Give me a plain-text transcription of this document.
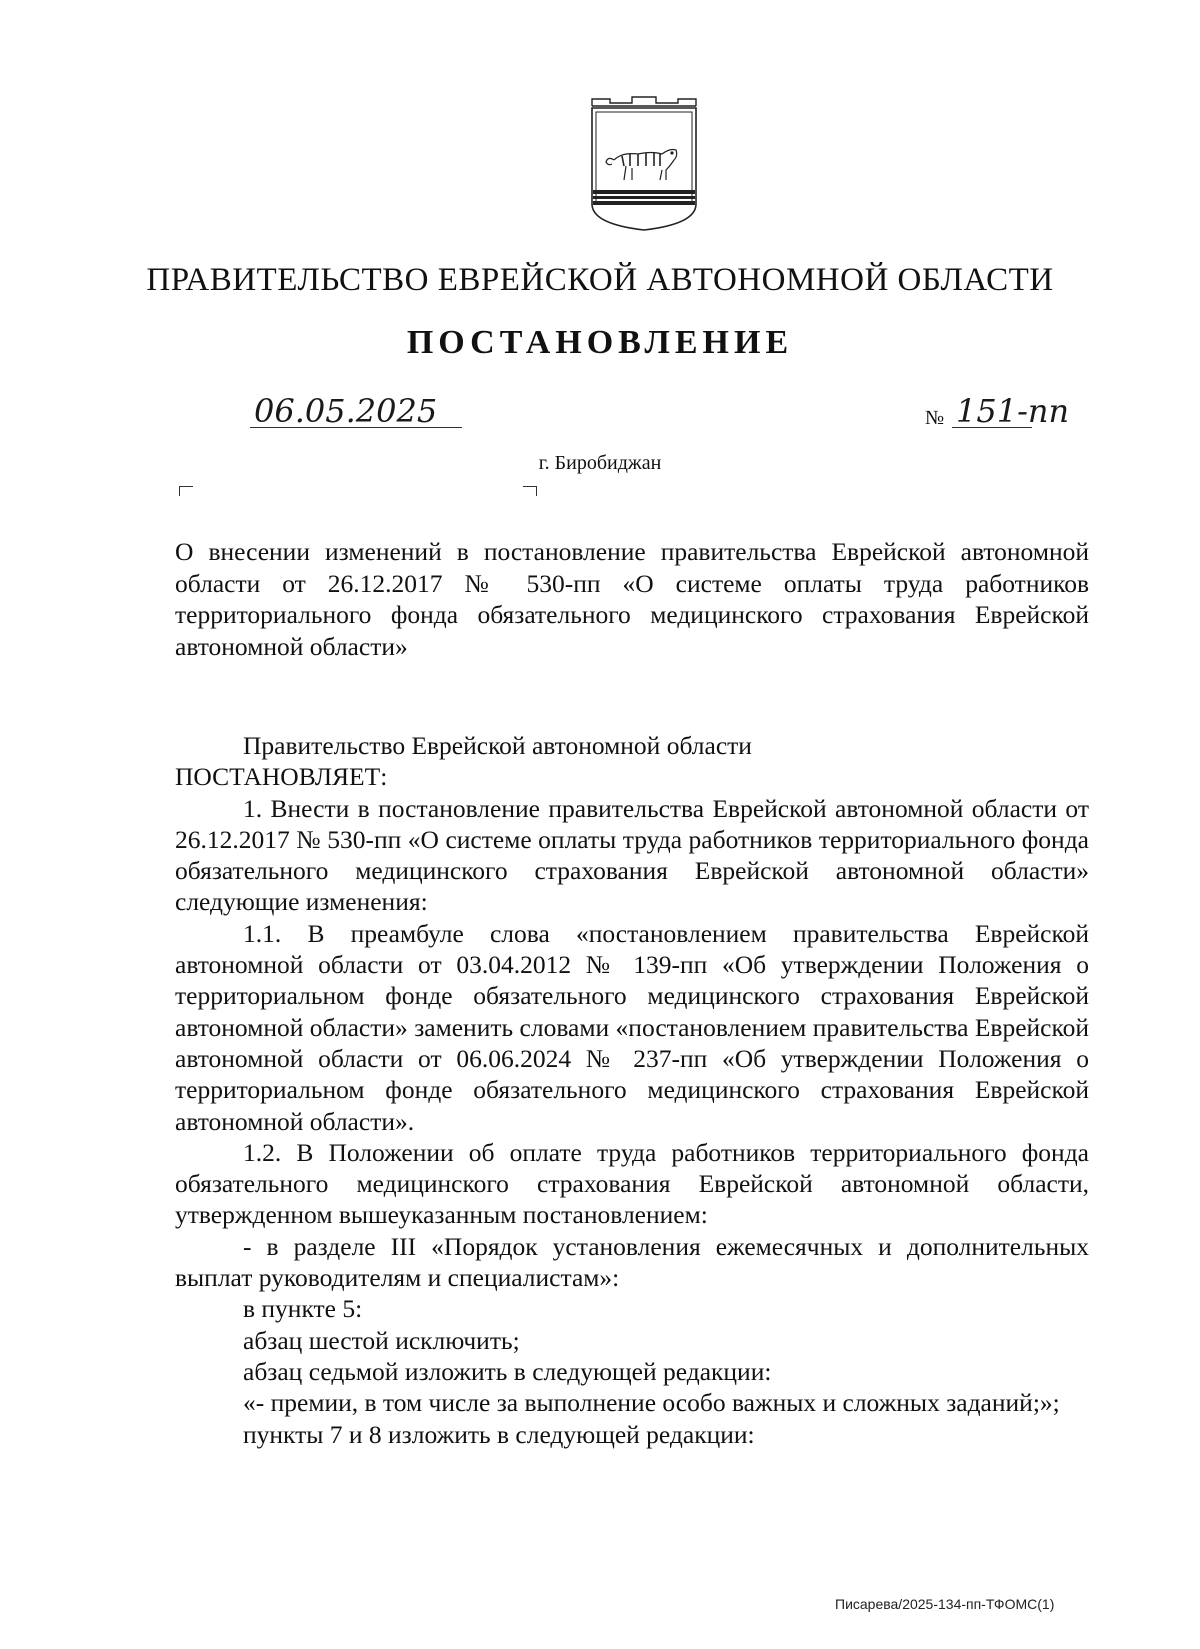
ПРАВИТЕЛЬСТВО ЕВРЕЙСКОЙ АВТОНОМНОЙ ОБЛАСТИ
ПОСТАНОВЛЕНИЕ
06.05.2025	№ 151-пп
г. Биробиджан
О внесении изменений в постановление правительства Еврейской автономной области от 26.12.2017 № 530-пп «О системе оплаты труда работников территориального фонда обязательного медицинского страхования Еврейской автономной области»

Правительство Еврейской автономной области

ПОСТАНОВЛЯЕТ:

1. Внести в постановление правительства Еврейской автономной области от 26.12.2017 № 530-пп «О системе оплаты труда работников территориального фонда обязательного медицинского страхования Еврейской автономной области» следующие изменения:

1.1. В преамбуле слова «постановлением правительства Еврейской автономной области от 03.04.2012 № 139-пп «Об утверждении Положения о территориальном фонде обязательного медицинского страхования Еврейской автономной области» заменить словами «постановлением правительства Еврейской автономной области от 06.06.2024 № 237-пп «Об утверждении Положения о территориальном фонде обязательного медицинского страхования Еврейской автономной области».

1.2. В Положении об оплате труда работников территориального фонда обязательного медицинского страхования Еврейской автономной области, утвержденном вышеуказанным постановлением:

- в разделе III «Порядок установления ежемесячных и дополнительных выплат руководителям и специалистам»:

в пункте 5:

абзац шестой исключить;

абзац седьмой изложить в следующей редакции:

«- премии, в том числе за выполнение особо важных и сложных заданий;»;

пункты 7 и 8 изложить в следующей редакции:

Писарева/2025-134-пп-ТФОМС(1)
